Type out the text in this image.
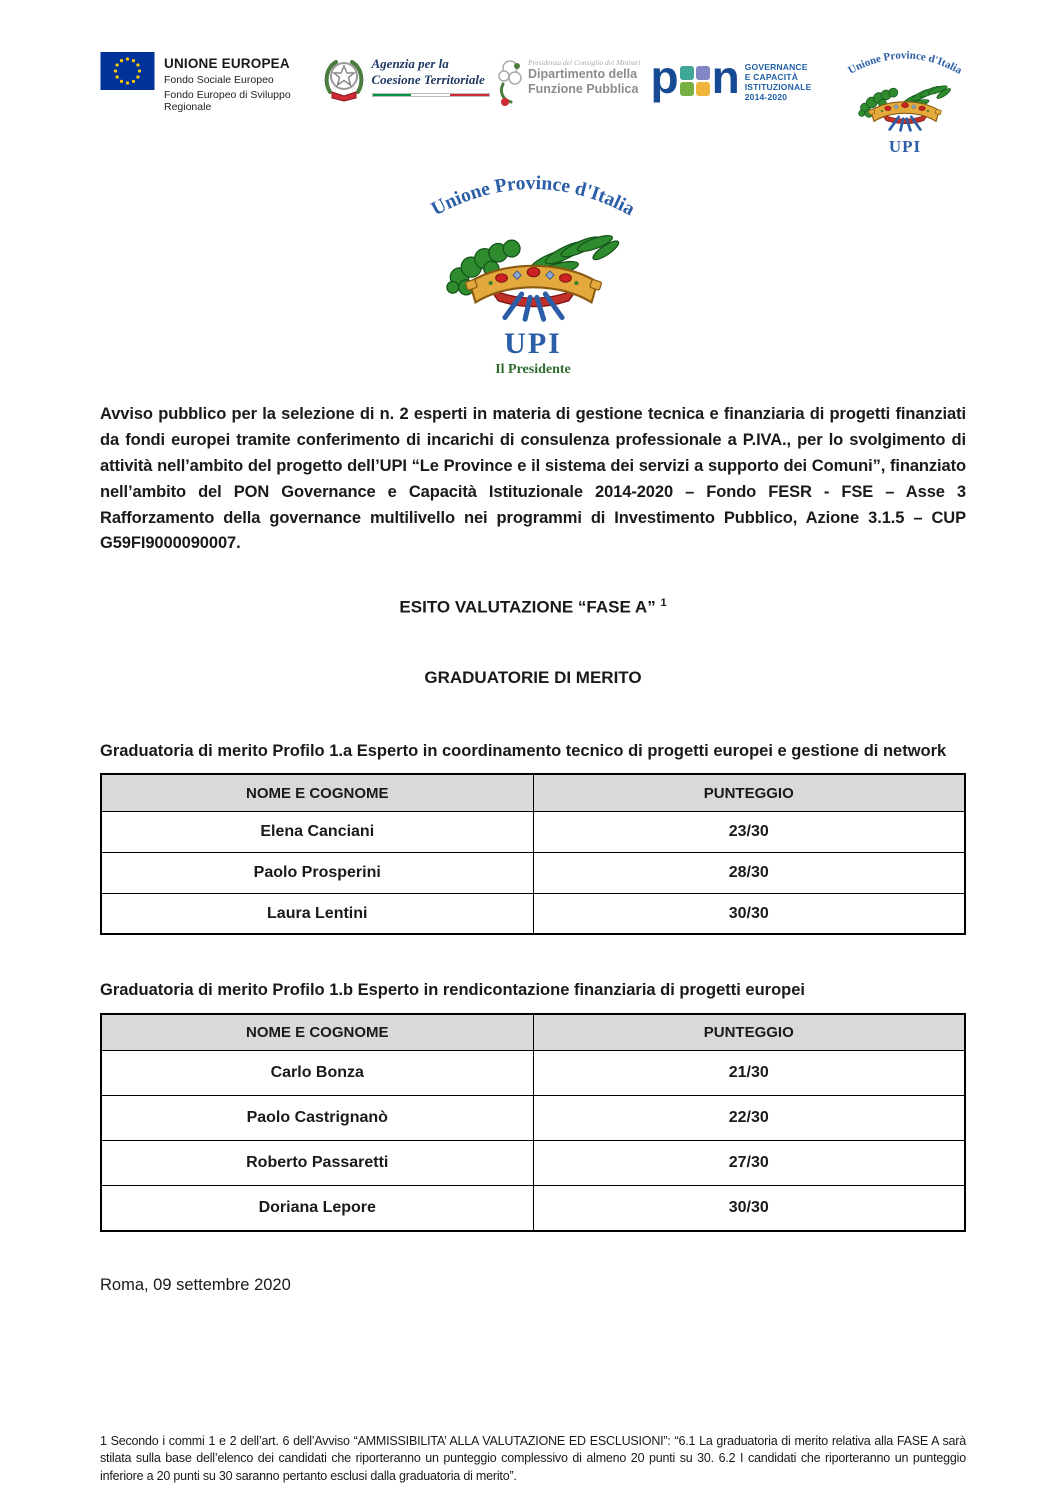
UNIONE EUROPEA
Fondo Sociale Europeo
Fondo Europeo di Sviluppo Regionale
Agenzia per la
Coesione Territoriale
Presidenza del Consiglio dei Ministri
Dipartimento della
Funzione Pubblica p n GOVERNANCE
E CAPACITÀ
ISTITUZIONALE
2014-2020
Unione Province d'Italia

UPI
Unione Province d'Italia

UPI
Il Presidente

Avviso pubblico per la selezione di n. 2 esperti in materia di gestione tecnica e finanziaria di progetti finanziati da fondi europei tramite conferimento di incarichi di consulenza professionale a P.IVA., per lo svolgimento di attività nell’ambito del progetto dell’UPI “Le Province e il sistema dei servizi a supporto dei Comuni”, finanziato nell’ambito del PON Governance e Capacità Istituzionale 2014-2020 – Fondo FESR - FSE – Asse 3 Rafforzamento della governance multilivello nei programmi di Investimento Pubblico, Azione 3.1.5 – CUP G59FI9000090007.

ESITO VALUTAZIONE “FASE A” $^1$
GRADUATORIE DI MERITO
Graduatoria di merito Profilo 1.a Esperto in coordinamento tecnico di progetti europei e gestione di network
NOME E COGNOME	PUNTEGGIO
Elena Canciani	23/30
Paolo Prosperini	28/30
Laura Lentini	30/30
Graduatoria di merito Profilo 1.b Esperto in rendicontazione finanziaria di progetti europei
NOME E COGNOME	PUNTEGGIO
Carlo Bonza	21/30
Paolo Castrignanò	22/30
Roberto Passaretti	27/30
Doriana Lepore	30/30
Roma, 09 settembre 2020
1 Secondo i commi 1 e 2 dell’art. 6 dell’Avviso “AMMISSIBILITA’ ALLA VALUTAZIONE ED ESCLUSIONI”: “6.1 La graduatoria di merito relativa alla FASE A sarà stilata sulla base dell’elenco dei candidati che riporteranno un punteggio complessivo di almeno 20 punti su 30. 6.2 I candidati che riporteranno un punteggio inferiore a 20 punti su 30 saranno pertanto esclusi dalla graduatoria di merito”.
